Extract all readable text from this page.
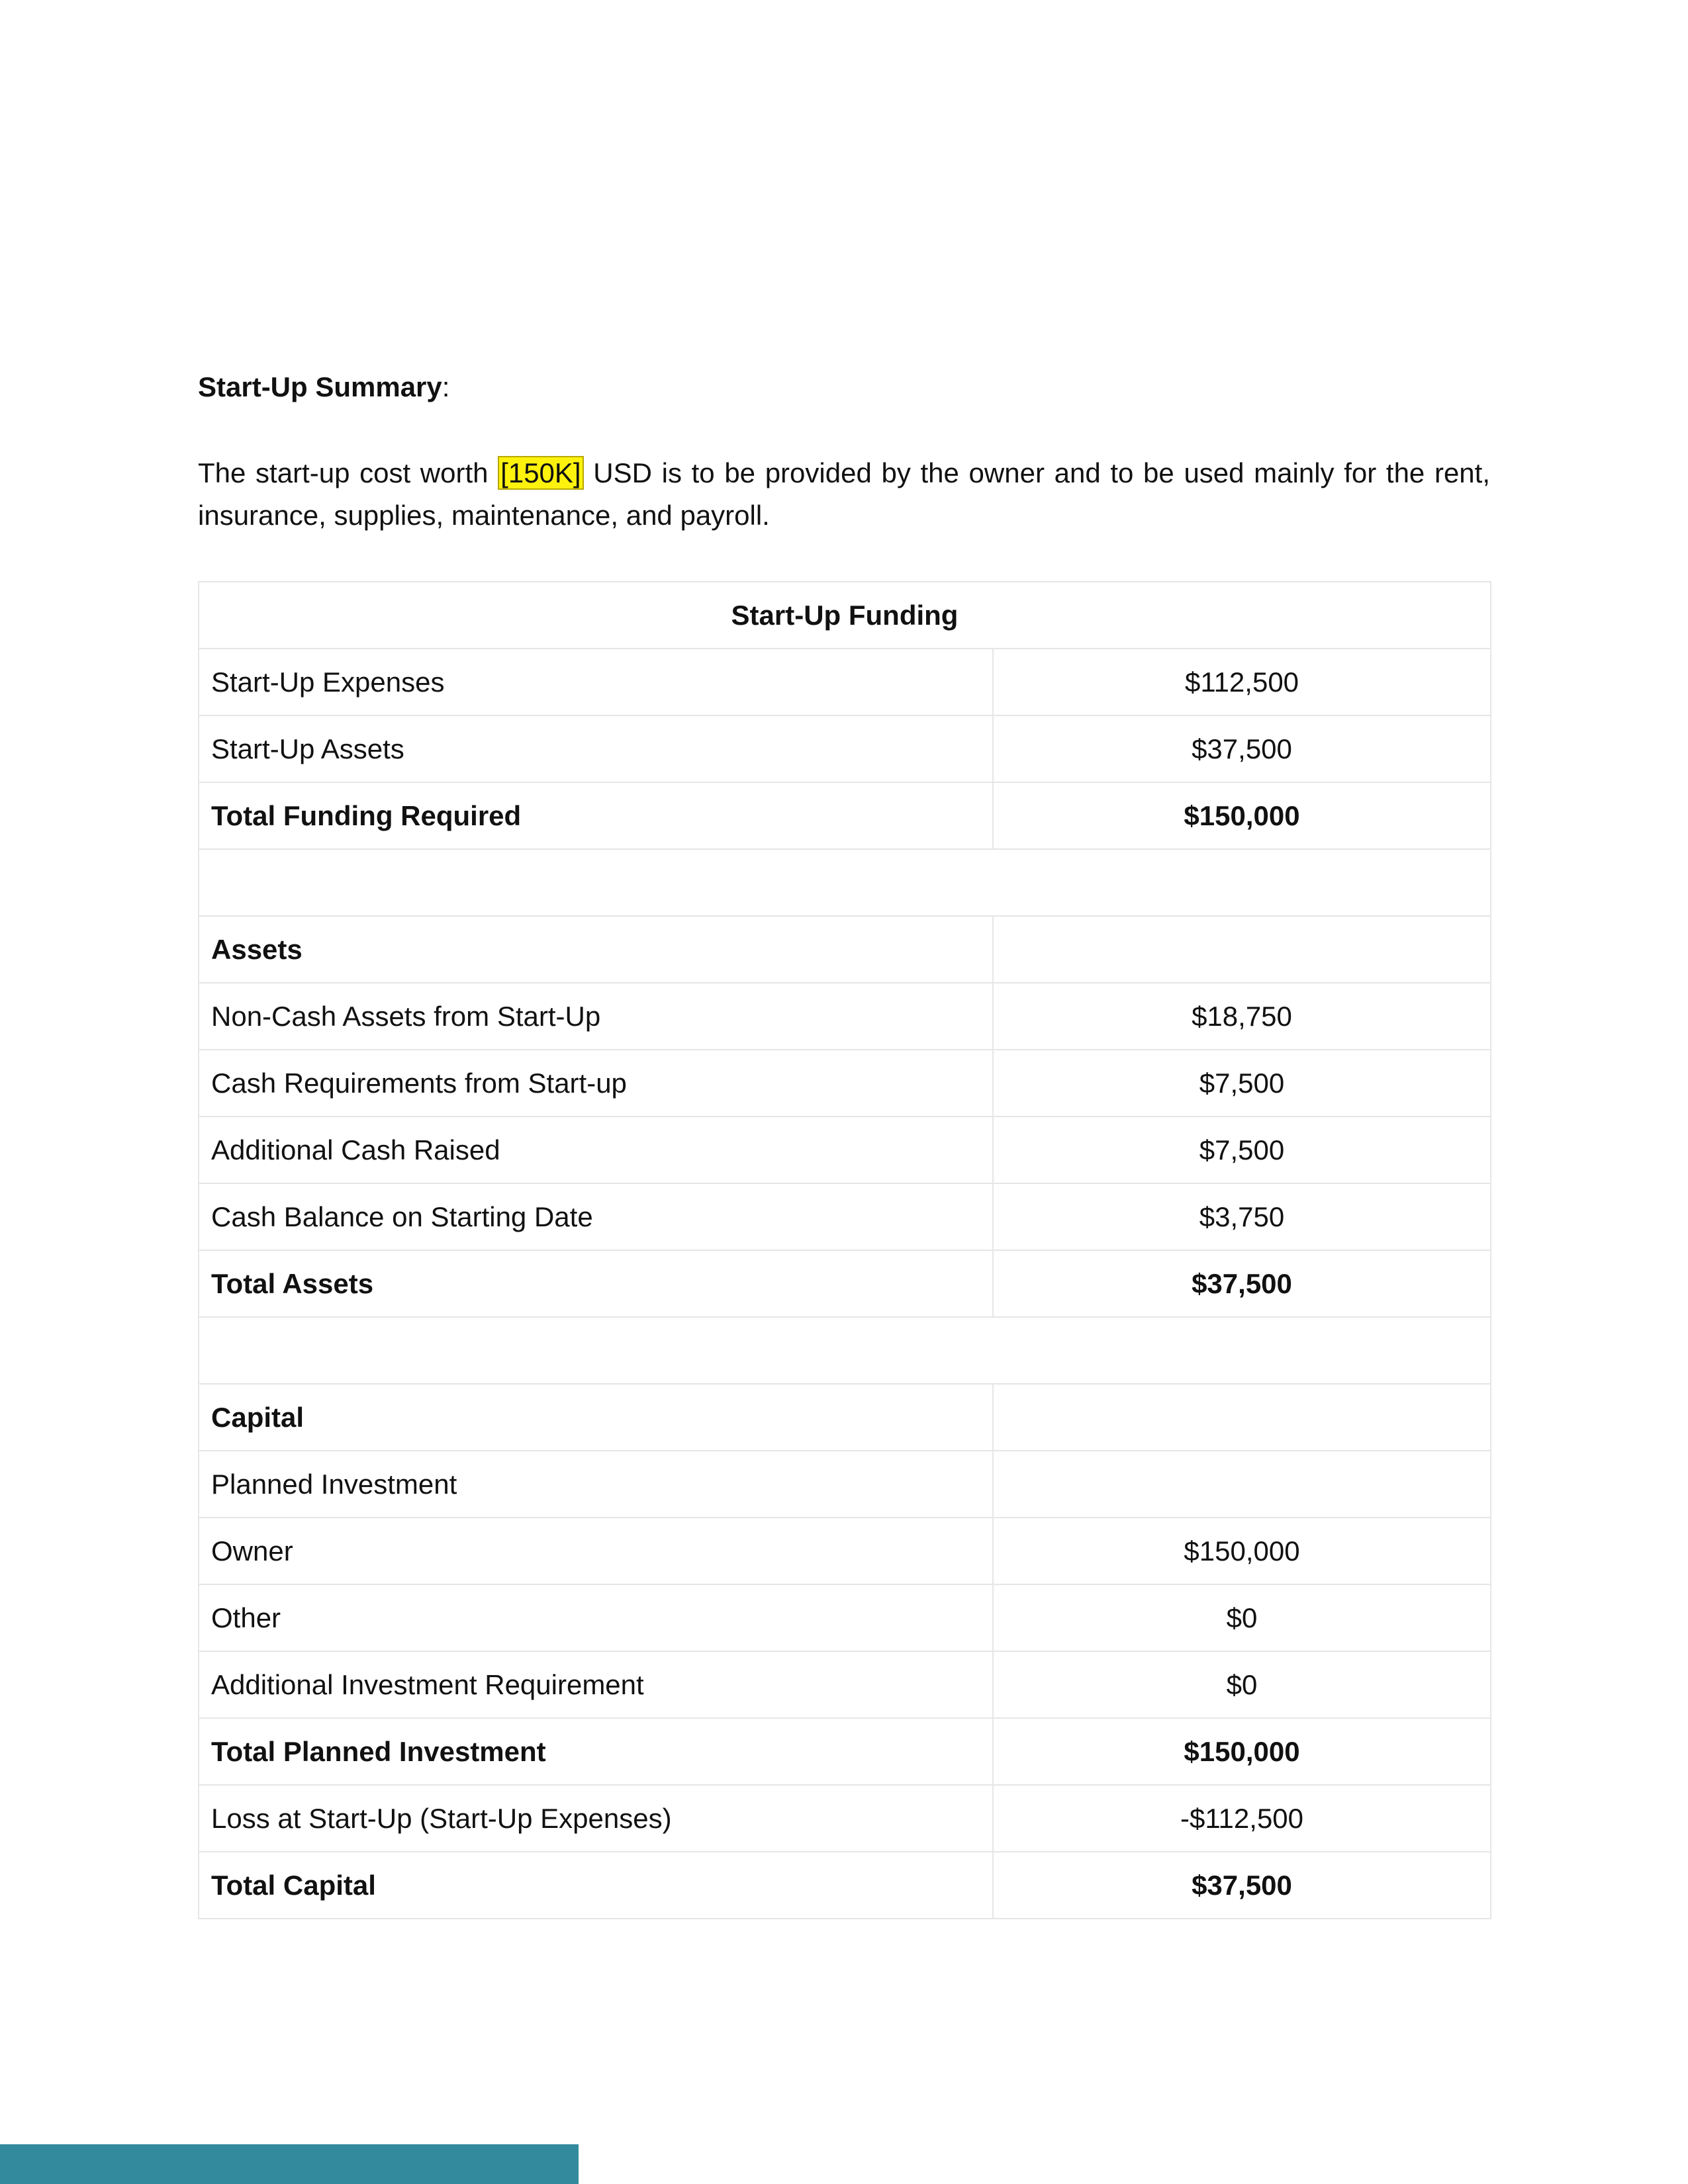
Start-Up Summary:

The start-up cost worth [150K] USD is to be provided by the owner and to be used mainly for the rent, insurance, supplies, maintenance, and payroll.

Start-Up Funding	
Start-Up Expenses	$112,500
Start-Up Assets	$37,500
Total Funding Required	$150,000

Assets	
Non-Cash Assets from Start-Up	$18,750
Cash Requirements from Start-up	$7,500
Additional Cash Raised	$7,500
Cash Balance on Starting Date	$3,750
Total Assets	$37,500

Capital	
Planned Investment	
Owner	$150,000
Other	$0
Additional Investment Requirement	$0
Total Planned Investment	$150,000
Loss at Start-Up (Start-Up Expenses)	-$112,500
Total Capital	$37,500
